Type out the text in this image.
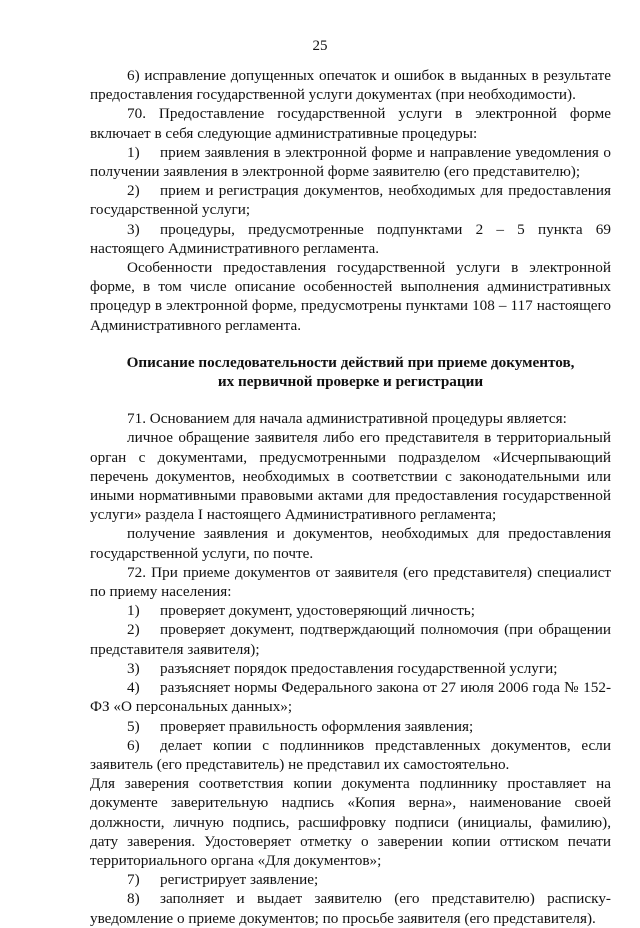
25

6) исправление допущенных опечаток и ошибок в выданных в результате предоставления государственной услуги документах (при необходимости).

70. Предоставление государственной услуги в электронной форме включает в себя следующие административные процедуры:

1) прием заявления в электронной форме и направление уведомления о получении заявления в электронной форме заявителю (его представителю);

2) прием и регистрация документов, необходимых для предоставления государственной услуги;

3) процедуры, предусмотренные подпунктами 2 – 5 пункта 69 настоящего Административного регламента.

Особенности предоставления государственной услуги в электронной форме, в том числе описание особенностей выполнения административных процедур в электронной форме, предусмотрены пунктами 108 – 117 настоящего Административного регламента.

Описание последовательности действий при приеме документов,

их первичной проверке и регистрации

71. Основанием для начала административной процедуры является:

личное обращение заявителя либо его представителя в территориальный орган с документами, предусмотренными подразделом «Исчерпывающий перечень документов, необходимых в соответствии с законодательными или иными нормативными правовыми актами для предоставления государственной услуги» раздела I настоящего Административного регламента;

получение заявления и документов, необходимых для предоставления государственной услуги, по почте.

72. При приеме документов от заявителя (его представителя) специалист по приему населения:

1) проверяет документ, удостоверяющий личность;

2) проверяет документ, подтверждающий полномочия (при обращении представителя заявителя);

3) разъясняет порядок предоставления государственной услуги;

4) разъясняет нормы Федерального закона от 27 июля 2006 года № 152-ФЗ «О персональных данных»;

5) проверяет правильность оформления заявления;

6) делает копии с подлинников представленных документов, если заявитель (его представитель) не представил их самостоятельно.

Для заверения соответствия копии документа подлиннику проставляет на документе заверительную надпись «Копия верна», наименование своей должности, личную подпись, расшифровку подписи (инициалы, фамилию), дату заверения. Удостоверяет отметку о заверении копии оттиском печати территориального органа «Для документов»;

7) регистрирует заявление;

8) заполняет и выдает заявителю (его представителю) расписку-уведомление о приеме документов; по просьбе заявителя (его представителя).
